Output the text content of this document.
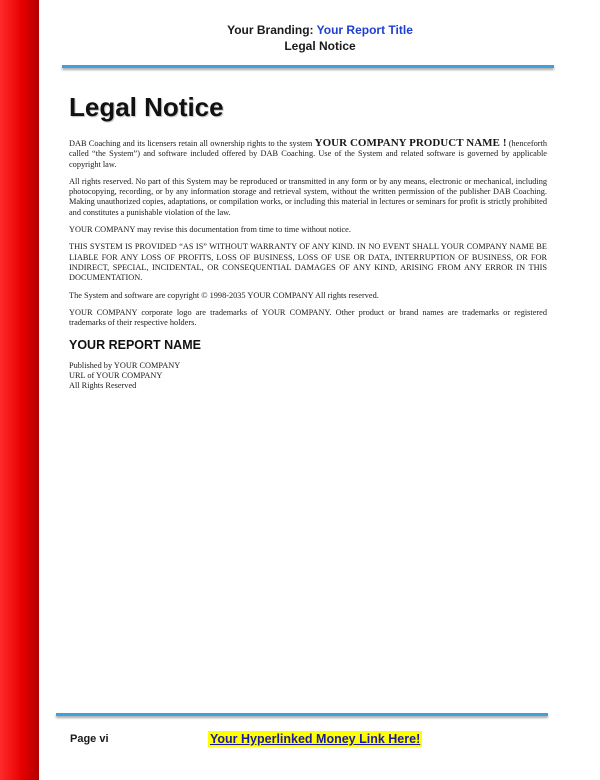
Your Branding: Your Report Title
Legal Notice
Legal Notice

DAB Coaching and its licensers retain all ownership rights to the system YOUR COMPANY PRODUCT NAME ! (henceforth called “the System”) and software included offered by DAB Coaching. Use of the System and related software is governed by applicable copyright law.

All rights reserved. No part of this System may be reproduced or transmitted in any form or by any means, electronic or mechanical, including photocopying, recording, or by any information storage and retrieval system, without the written permission of the publisher DAB Coaching. Making unauthorized copies, adaptations, or compilation works, or including this material in lectures or seminars for profit is strictly prohibited and constitutes a punishable violation of the law.

YOUR COMPANY may revise this documentation from time to time without notice.

THIS SYSTEM IS PROVIDED “AS IS” WITHOUT WARRANTY OF ANY KIND. IN NO EVENT SHALL YOUR COMPANY NAME BE LIABLE FOR ANY LOSS OF PROFITS, LOSS OF BUSINESS, LOSS OF USE OR DATA, INTERRUPTION OF BUSINESS, OR FOR INDIRECT, SPECIAL, INCIDENTAL, OR CONSEQUENTIAL DAMAGES OF ANY KIND, ARISING FROM ANY ERROR IN THIS DOCUMENTATION.

The System and software are copyright © 1998-2035 YOUR COMPANY All rights reserved.

YOUR COMPANY corporate logo are trademarks of YOUR COMPANY. Other product or brand names are trademarks or registered trademarks of their respective holders.

YOUR REPORT NAME

Published by YOUR COMPANY

URL of YOUR COMPANY

All Rights Reserved

Page vi	Your Hyperlinked Money Link Here!
